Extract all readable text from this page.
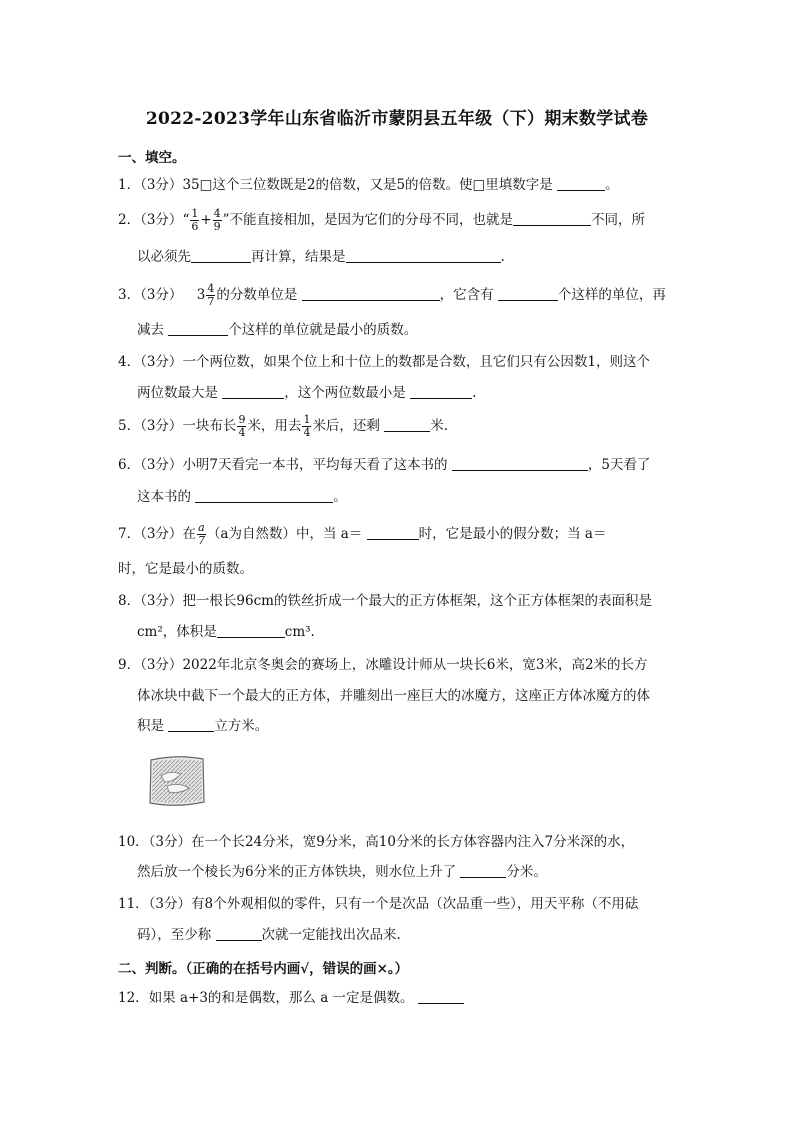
2022-2023学年山东省临沂市蒙阴县五年级（下）期末数学试卷
一、填空。
1．（3分）35□这个三位数既是2的倍数，又是5的倍数。使□里填数字是	。
2．（3分）“ $\frac{1}{6} + \frac{4}{9}$ ”不能直接相加，是因为它们的分母不同，也就是	不同，所
以必须先	再计算，结果是	.
3．（3分） $3 \frac{4}{7}$ 的分数单位是	，它含有	个这样的单位，再
减去	个这样的单位就是最小的质数。
4．（3分）一个两位数，如果个位上和十位上的数都是合数，且它们只有公因数1，则这个
两位数最大是	，这个两位数最小是	.
5．（3分）一块布长 $\frac{9}{4}$ 米，用去 $\frac{1}{4}$ 米后，还剩	米.
6．（3分）小明7天看完一本书，平均每天看了这本书的	，5天看了
这本书的	。
7．（3分）在 $\frac{a}{7} (a$为自然数）中，当 a＝	时，它是最小的假分数；当 a＝
时，它是最小的质数。
8．（3分）把一根长96cm的铁丝折成一个最大的正方体框架，这个正方体框架的表面积是
cm²，体积是	cm³.
9．（3分）2022年北京冬奥会的赛场上，冰雕设计师从一块长6米，宽3米，高2米的长方
体冰块中截下一个最大的正方体，并雕刻出一座巨大的冰魔方，这座正方体冰魔方的体
积是	立方米。
10．（3分）在一个长24分米，宽9分米，高10分米的长方体容器内注入7分米深的水，
然后放一个棱长为6分米的正方体铁块，则水位上升了	分米。
11．（3分）有8个外观相似的零件，只有一个是次品（次品重一些），用天平称（不用砝
码），至少称	次就一定能找出次品来.
二、判断。（正确的在括号内画√，错误的画×。）
12．如果 a+3的和是偶数，那么 a 一定是偶数。
